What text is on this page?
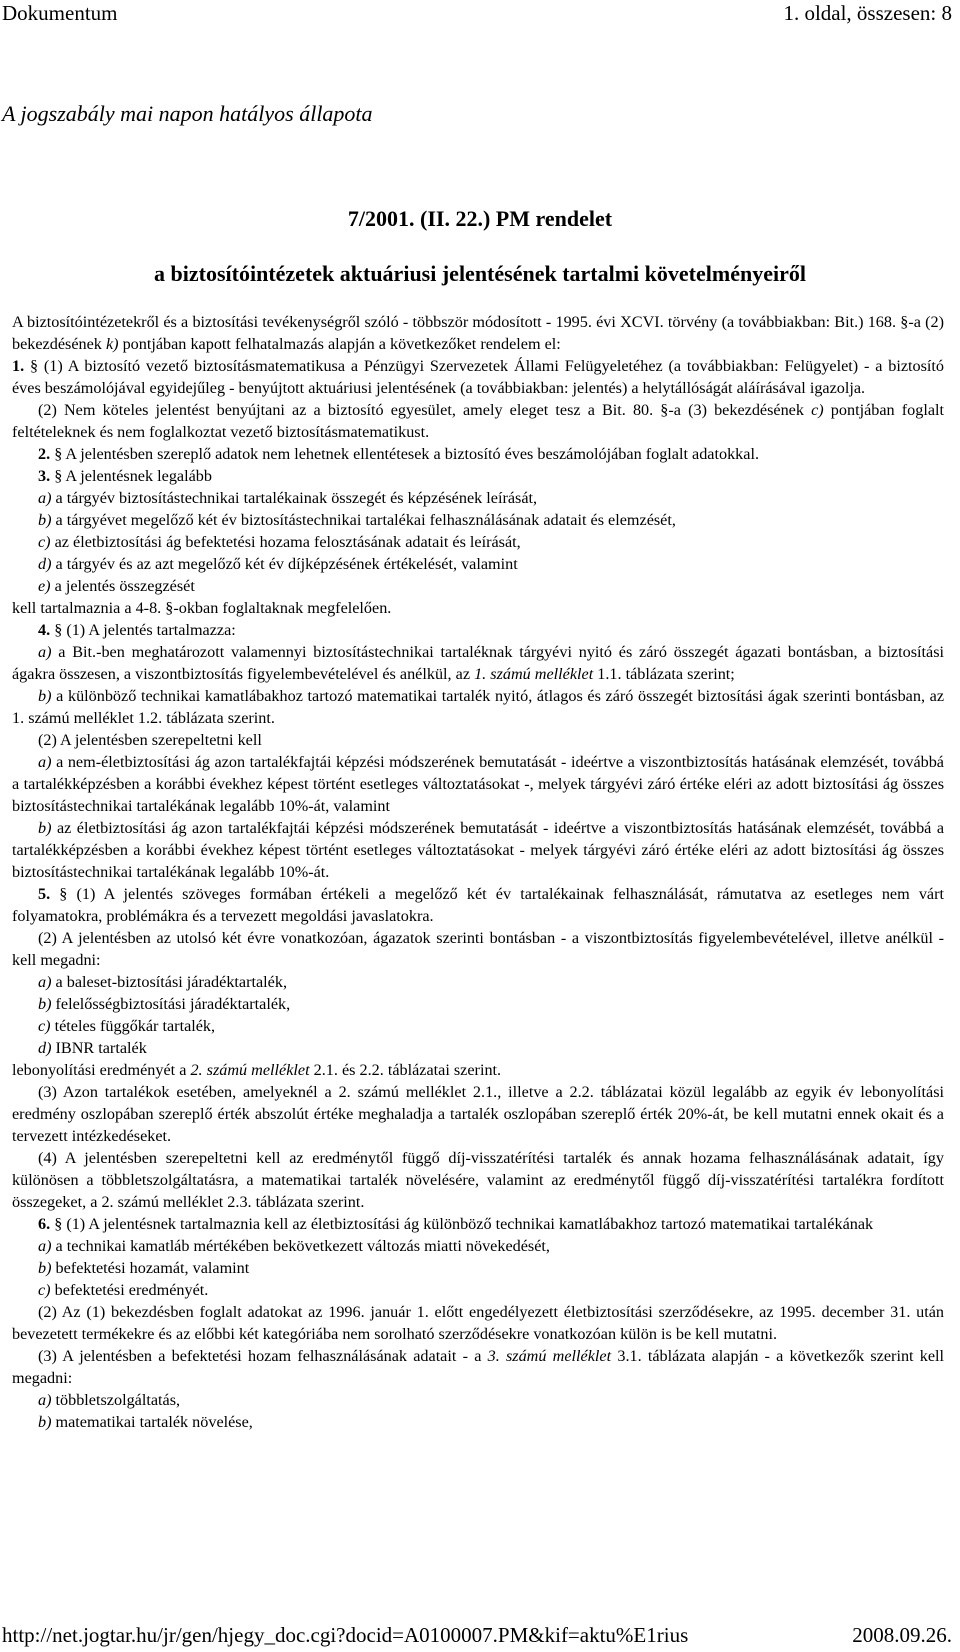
Dokumentum	1. oldal, összesen: 8
A jogszabály mai napon hatályos állapota
7/2001. (II. 22.) PM rendelet
a biztosítóintézetek aktuáriusi jelentésének tartalmi követelményeiről

A biztosítóintézetekről és a biztosítási tevékenységről szóló - többször módosított - 1995. évi XCVI. törvény (a továbbiakban: Bit.) 168. §-a (2) bekezdésének k) pontjában kapott felhatalmazás alapján a következőket rendelem el:

1. § (1) A biztosító vezető biztosításmatematikusa a Pénzügyi Szervezetek Állami Felügyeletéhez (a továbbiakban: Felügyelet) - a biztosító éves beszámolójával egyidejűleg - benyújtott aktuáriusi jelentésének (a továbbiakban: jelentés) a helytállóságát aláírásával igazolja.

(2) Nem köteles jelentést benyújtani az a biztosító egyesület, amely eleget tesz a Bit. 80. §-a (3) bekezdésének c) pontjában foglalt feltételeknek és nem foglalkoztat vezető biztosításmatematikust.

2. § A jelentésben szereplő adatok nem lehetnek ellentétesek a biztosító éves beszámolójában foglalt adatokkal.

3. § A jelentésnek legalább

a) a tárgyév biztosítástechnikai tartalékainak összegét és képzésének leírását,

b) a tárgyévet megelőző két év biztosítástechnikai tartalékai felhasználásának adatait és elemzését,

c) az életbiztosítási ág befektetési hozama felosztásának adatait és leírását,

d) a tárgyév és az azt megelőző két év díjképzésének értékelését, valamint

e) a jelentés összegzését

kell tartalmaznia a 4-8. §-okban foglaltaknak megfelelően.

4. § (1) A jelentés tartalmazza:

a) a Bit.-ben meghatározott valamennyi biztosítástechnikai tartaléknak tárgyévi nyitó és záró összegét ágazati bontásban, a biztosítási ágakra összesen, a viszontbiztosítás figyelembevételével és anélkül, az 1. számú melléklet 1.1. táblázata szerint;

b) a különböző technikai kamatlábakhoz tartozó matematikai tartalék nyitó, átlagos és záró összegét biztosítási ágak szerinti bontásban, az 1. számú melléklet 1.2. táblázata szerint.

(2) A jelentésben szerepeltetni kell

a) a nem-életbiztosítási ág azon tartalékfajtái képzési módszerének bemutatását - ideértve a viszontbiztosítás hatásának elemzését, továbbá a tartalékképzésben a korábbi évekhez képest történt esetleges változtatásokat -, melyek tárgyévi záró értéke eléri az adott biztosítási ág összes biztosítástechnikai tartalékának legalább 10%-át, valamint

b) az életbiztosítási ág azon tartalékfajtái képzési módszerének bemutatását - ideértve a viszontbiztosítás hatásának elemzését, továbbá a tartalékképzésben a korábbi évekhez képest történt esetleges változtatásokat - melyek tárgyévi záró értéke eléri az adott biztosítási ág összes biztosítástechnikai tartalékának legalább 10%-át.

5. § (1) A jelentés szöveges formában értékeli a megelőző két év tartalékainak felhasználását, rámutatva az esetleges nem várt folyamatokra, problémákra és a tervezett megoldási javaslatokra.

(2) A jelentésben az utolsó két évre vonatkozóan, ágazatok szerinti bontásban - a viszontbiztosítás figyelembevételével, illetve anélkül - kell megadni:

a) a baleset-biztosítási járadéktartalék,

b) felelősségbiztosítási járadéktartalék,

c) tételes függőkár tartalék,

d) IBNR tartalék

lebonyolítási eredményét a 2. számú melléklet 2.1. és 2.2. táblázatai szerint.

(3) Azon tartalékok esetében, amelyeknél a 2. számú melléklet 2.1., illetve a 2.2. táblázatai közül legalább az egyik év lebonyolítási eredmény oszlopában szereplő érték abszolút értéke meghaladja a tartalék oszlopában szereplő érték 20%-át, be kell mutatni ennek okait és a tervezett intézkedéseket.

(4) A jelentésben szerepeltetni kell az eredménytől függő díj-visszatérítési tartalék és annak hozama felhasználásának adatait, így különösen a többletszolgáltatásra, a matematikai tartalék növelésére, valamint az eredménytől függő díj-visszatérítési tartalékra fordított összegeket, a 2. számú melléklet 2.3. táblázata szerint.

6. § (1) A jelentésnek tartalmaznia kell az életbiztosítási ág különböző technikai kamatlábakhoz tartozó matematikai tartalékának

a) a technikai kamatláb mértékében bekövetkezett változás miatti növekedését,

b) befektetési hozamát, valamint

c) befektetési eredményét.

(2) Az (1) bekezdésben foglalt adatokat az 1996. január 1. előtt engedélyezett életbiztosítási szerződésekre, az 1995. december 31. után bevezetett termékekre és az előbbi két kategóriába nem sorolható szerződésekre vonatkozóan külön is be kell mutatni.

(3) A jelentésben a befektetési hozam felhasználásának adatait - a 3. számú melléklet 3.1. táblázata alapján - a következők szerint kell megadni:

a) többletszolgáltatás,

b) matematikai tartalék növelése,

http://net.jogtar.hu/jr/gen/hjegy_doc.cgi?docid=A0100007.PM&kif=aktu%E1rius	2008.09.26.
